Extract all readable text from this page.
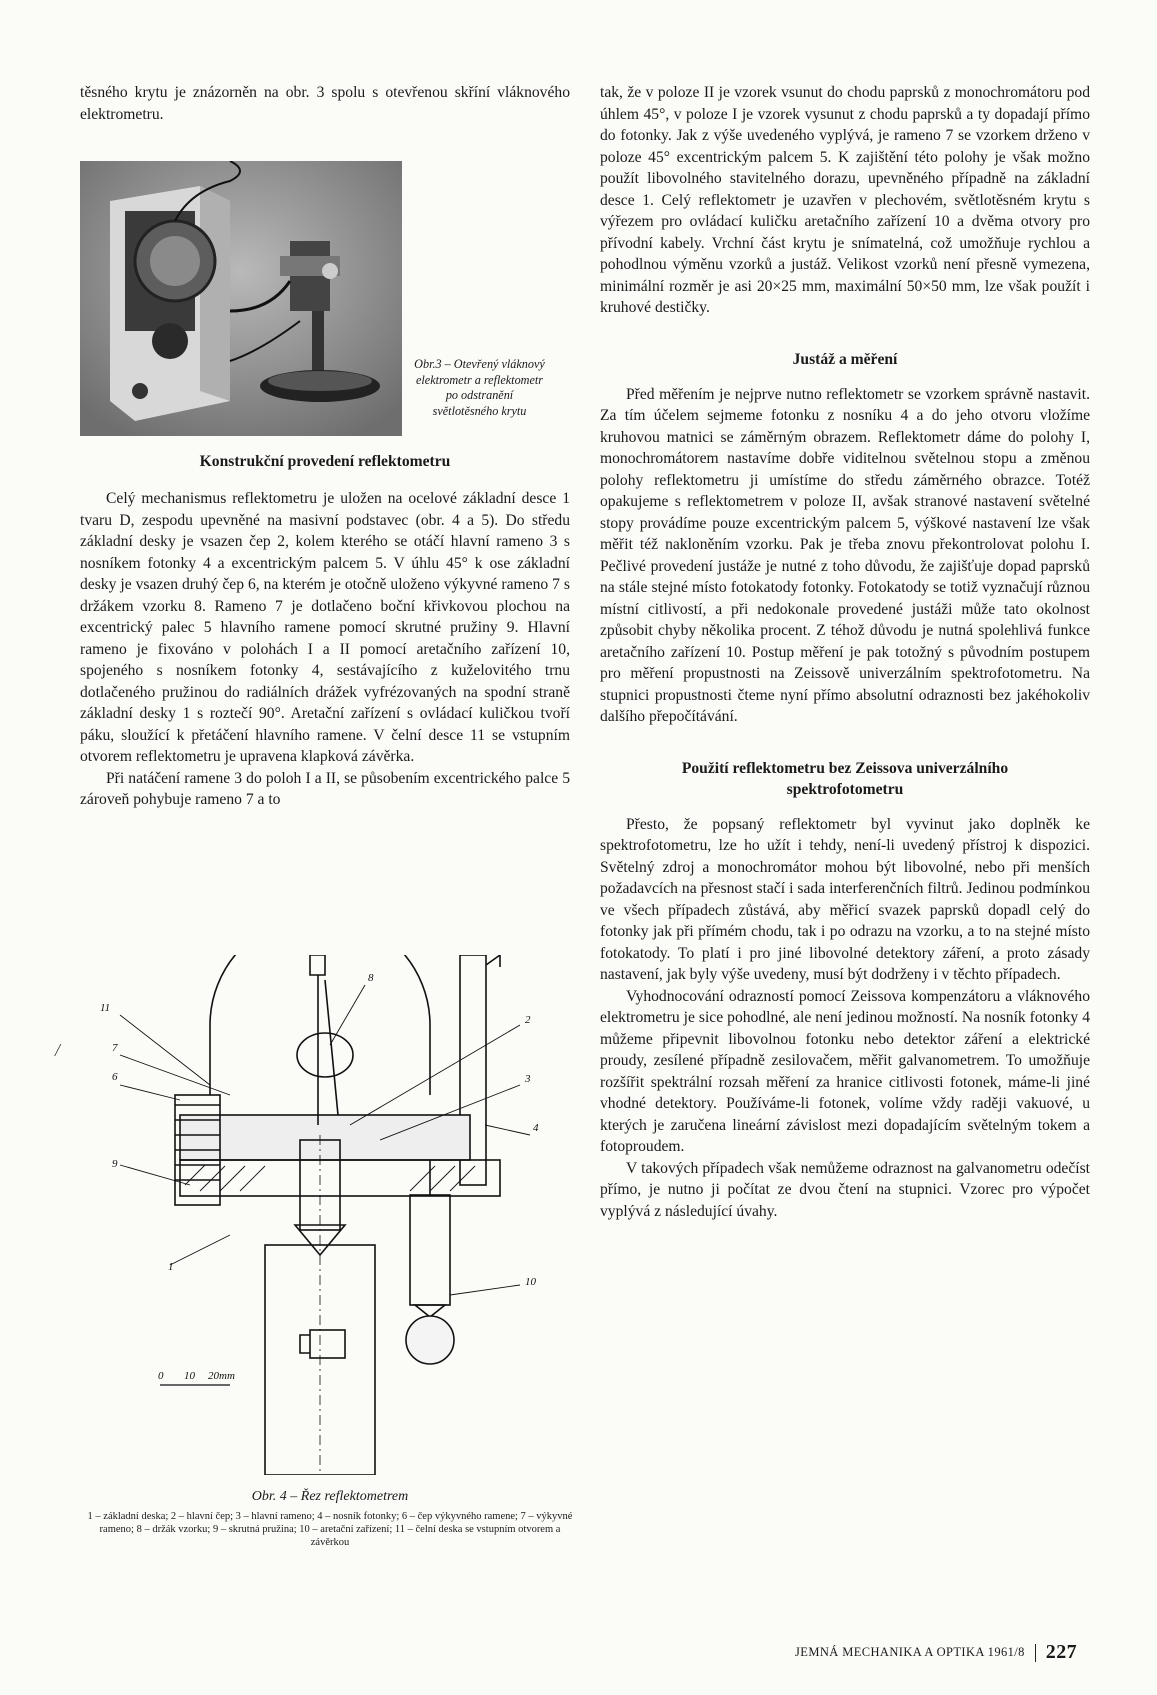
/

těsného krytu je znázorněn na obr. 3 spolu s otevřenou skříní vláknového elektrometru.

Obr.3 – Otevřený vláknový elektrometr a reflektometr po odstranění světlotěsného krytu
Konstrukční provedení reflektometru

Celý mechanismus reflektometru je uložen na ocelové základní desce 1 tvaru D, zespodu upevněné na masivní podstavec (obr. 4 a 5). Do středu základní desky je vsazen čep 2, kolem kterého se otáčí hlavní rameno 3 s nosníkem fotonky 4 a excentrickým palcem 5. V úhlu 45° k ose základní desky je vsazen druhý čep 6, na kterém je otočně uloženo výkyvné rameno 7 s držákem vzorku 8. Rameno 7 je dotlačeno boční křivkovou plochou na excentrický palec 5 hlavního ramene pomocí skrutné pružiny 9. Hlavní rameno je fixováno v polohách I a II pomocí aretačního zařízení 10, spojeného s nosníkem fotonky 4, sestávajícího z kuželovitého trnu dotlačeného pružinou do radiálních drážek vyfrézovaných na spodní straně základní desky 1 s roztečí 90°. Aretační zařízení s ovládací kuličkou tvoří páku, sloužící k přetáčení hlavního ramene. V čelní desce 11 se vstupním otvorem reflektometru je upravena klapková závěrka.

Při natáčení ramene 3 do poloh I a II, se působením excentrického palce 5 zároveň pohybuje rameno 7 a to

tak, že v poloze II je vzorek vsunut do chodu paprsků z monochromátoru pod úhlem 45°, v poloze I je vzorek vysunut z chodu paprsků a ty dopadají přímo do fotonky. Jak z výše uvedeného vyplývá, je rameno 7 se vzorkem drženo v poloze 45° excentrickým palcem 5. K zajištění této polohy je však možno použít libovolného stavitelného dorazu, upevněného případně na základní desce 1. Celý reflektometr je uzavřen v plechovém, světlotěsném krytu s výřezem pro ovládací kuličku aretačního zařízení 10 a dvěma otvory pro přívodní kabely. Vrchní část krytu je snímatelná, což umožňuje rychlou a pohodlnou výměnu vzorků a justáž. Velikost vzorků není přesně vymezena, minimální rozměr je asi 20×25 mm, maximální 50×50 mm, lze však použít i kruhové destičky.

Justáž a měření

Před měřením je nejprve nutno reflektometr se vzorkem správně nastavit. Za tím účelem sejmeme fotonku z nosníku 4 a do jeho otvoru vložíme kruhovou matnici se záměrným obrazem. Reflektometr dáme do polohy I, monochromátorem nastavíme dobře viditelnou světelnou stopu a změnou polohy reflektometru ji umístíme do středu záměrného obrazce. Totéž opakujeme s reflektometrem v poloze II, avšak stranové nastavení světelné stopy provádíme pouze excentrickým palcem 5, výškové nastavení lze však měřit též nakloněním vzorku. Pak je třeba znovu překontrolovat polohu I. Pečlivé provedení justáže je nutné z toho důvodu, že zajišťuje dopad paprsků na stále stejné místo fotokatody fotonky. Fotokatody se totiž vyznačují různou místní citlivostí, a při nedokonale provedené justáži může tato okolnost způsobit chyby několika procent. Z téhož důvodu je nutná spolehlivá funkce aretačního zařízení 10. Postup měření je pak totožný s původním postupem pro měření propustnosti na Zeissově univerzálním spektrofotometru. Na stupnici propustnosti čteme nyní přímo absolutní odraznosti bez jakéhokoliv dalšího přepočítávání.

Použití reflektometru bez Zeissova univerzálního spektrofotometru

Přesto, že popsaný reflektometr byl vyvinut jako doplněk ke spektrofotometru, lze ho užít i tehdy, není-li uvedený přístroj k dispozici. Světelný zdroj a monochromátor mohou být libovolné, nebo při menších požadavcích na přesnost stačí i sada interferenčních filtrů. Jedinou podmínkou ve všech případech zůstává, aby měřicí svazek paprsků dopadl celý do fotonky jak při přímém chodu, tak i po odrazu na vzorku, a to na stejné místo fotokatody. To platí i pro jiné libovolné detektory záření, a proto zásady nastavení, jak byly výše uvedeny, musí být dodrženy i v těchto případech.

Vyhodnocování odrazností pomocí Zeissova kompenzátoru a vláknového elektrometru je sice pohodlné, ale není jedinou možností. Na nosník fotonky 4 můžeme připevnit libovolnou fotonku nebo detektor záření a elektrické proudy, zesílené případně zesilovačem, měřit galvanometrem. To umožňuje rozšířit spektrální rozsah měření za hranice citlivosti fotonek, máme-li jiné vhodné detektory. Používáme-li fotonek, volíme vždy raději vakuové, u kterých je zaručena lineární závislost mezi dopadajícím světelným tokem a fotoproudem.

V takových případech však nemůžeme odraznost na galvanometru odečíst přímo, je nutno ji počítat ze dvou čtení na stupnici. Vzorec pro výpočet vyplývá z následující úvahy.

11
8
7
2
6	3
4
9
1
10
0 10 20mm
Obr. 4 – Řez reflektometrem
1 – základní deska; 2 – hlavní čep; 3 – hlavní rameno; 4 – nosník fotonky; 6 – čep výkyvného ramene; 7 – výkyvné rameno; 8 – držák vzorku; 9 – skrutná pružina; 10 – aretační zařízení; 11 – čelní deska se vstupním otvorem a závěrkou
JEMNÁ MECHANIKA A OPTIKA 1961/8 227
